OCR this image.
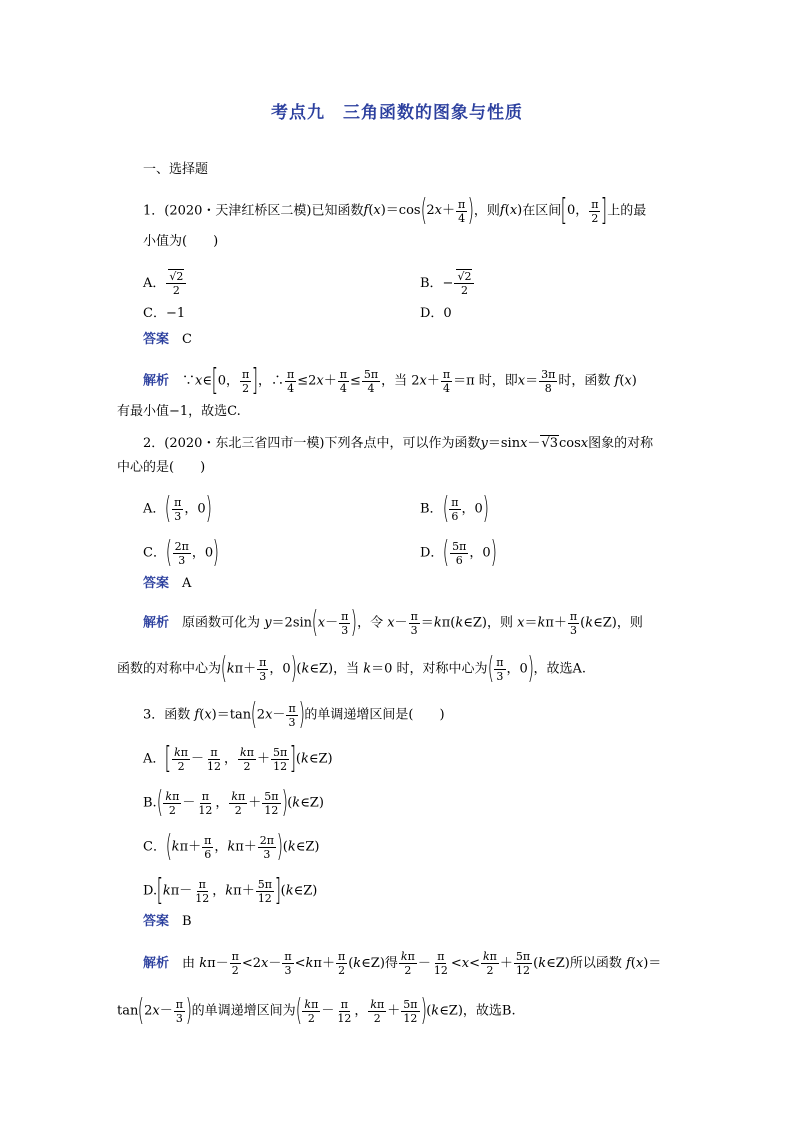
考点九　三角函数的图象与性质
一、选择题
1．(2020・天津红桥区二模)已知函数 f ( x )＝cos ( 2 x ＋ π
4 ) ，则 f ( x )在区间 [ 0， π
2 ] 上的最
小值为(　　)
A． $\frac{√2}{2}$	B．− $\frac{√2}{2}$
C．−1	D．0
答案　 C
解析　∵x∈[0， $\frac{\pi}{2}$ ]，∴ $\frac{\pi}{4} \le 2x+ \frac{\pi}{4} \le \frac{5\pi}{4}$ ，当 $2x+ \frac{\pi}{4} =\pi$ 时，即$x= \frac{3\pi}{8}$ 时，函数 f(x)
有最小值−1，故选C.
2．(2020・东北三省四市一模)下列各点中，可以作为函数y＝sinx－√3cosx图象的对称
中心的是(　　)
A．( $\frac{\pi}{3}$ ，0)	B．( $\frac{\pi}{6}$ ，0)
C．( $\frac{2\pi}{3}$ ，0)	D．( $\frac{5\pi}{6}$ ，0)
答案　 A
解析　 原函数可化为 $y=2\sin(x- \frac{\pi}{3}$ )，令 $x- \frac{\pi}{3}$ ＝kπ(k∈Z)，则 $x=k\pi+ \frac{\pi}{3}$ (k∈Z)，则
函数的对称中心为($k\pi+ \frac{\pi}{3}$ ，0)(k∈Z)，当 k＝0 时，对称中心为( $\frac{\pi}{3}$ ，0)，故选A.
3．函数 $f(x)=\tan(2x- \frac{\pi}{3}$ )的单调递增区间是(　　)
A．[ $\frac{k\pi}{2} - \frac{\pi}{12}$ ， $\frac{k\pi}{2} + \frac{5\pi}{12}$ ](k∈Z)
$B.( \frac{k\pi}{2} - \frac{\pi}{12}$ ， $\frac{k\pi}{2} + \frac{5\pi}{12}$ )(k∈Z)
C．($k\pi+ \frac{\pi}{6}$ ，$k\pi+ \frac{2\pi}{3}$ )(k∈Z)
$D.[k\pi- \frac{\pi}{12}$ ，$k\pi+ \frac{5\pi}{12}$ ](k∈Z)
答案　 B
解析　 由 $k\pi- \frac{\pi}{2} <2x- \frac{\pi}{3} <k\pi+ \frac{\pi}{2}$ (k∈Z)得 $\frac{k\pi}{2} - \frac{\pi}{12} <x< \frac{k\pi}{2} + \frac{5\pi}{12}$ (k∈Z)所以函数 f(x)＝
$\tan(2x- \frac{\pi}{3}$ )的单调递增区间为( $\frac{k\pi}{2} - \frac{\pi}{12}$ ， $\frac{k\pi}{2} + \frac{5\pi}{12}$ )(k∈Z)，故选B.
